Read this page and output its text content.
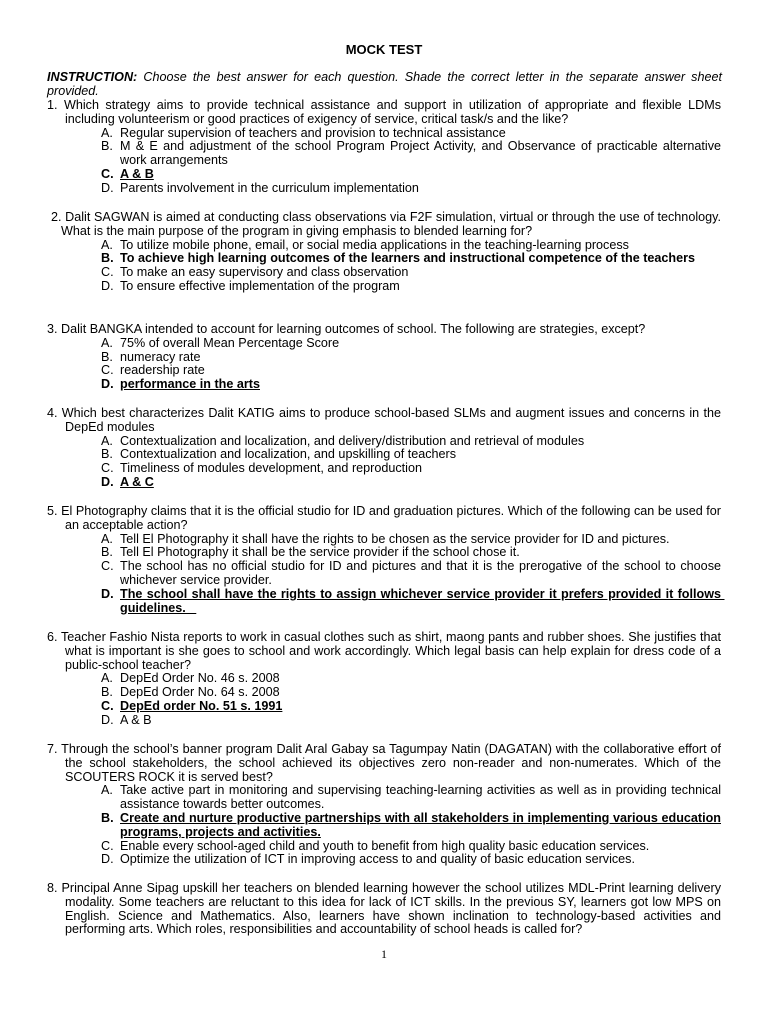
MOCK TEST
INSTRUCTION: Choose the best answer for each question. Shade the correct letter in the separate answer sheet provided.
1. Which strategy aims to provide technical assistance and support in utilization of appropriate and flexible LDMs including volunteerism or good practices of exigency of service, critical task/s and the like?
A. Regular supervision of teachers and provision to technical assistance
B. M & E and adjustment of the school Program Project Activity, and Observance of practicable alternative work arrangements
C. A & B
D. Parents involvement in the curriculum implementation
2. Dalit SAGWAN is aimed at conducting class observations via F2F simulation, virtual or through the use of technology. What is the main purpose of the program in giving emphasis to blended learning for?
A. To utilize mobile phone, email, or social media applications in the teaching-learning process
B. To achieve high learning outcomes of the learners and instructional competence of the teachers
C. To make an easy supervisory and class observation
D. To ensure effective implementation of the program
3. Dalit BANGKA intended to account for learning outcomes of school. The following are strategies, except?
A. 75% of overall Mean Percentage Score
B. numeracy rate
C. readership rate
D. performance in the arts
4. Which best characterizes Dalit KATIG aims to produce school-based SLMs and augment issues and concerns in the DepEd modules
A. Contextualization and localization, and delivery/distribution and retrieval of modules
B. Contextualization and localization, and upskilling of teachers
C. Timeliness of modules development, and reproduction
D. A & C
5. El Photography claims that it is the official studio for ID and graduation pictures. Which of the following can be used for an acceptable action?
A. Tell El Photography it shall have the rights to be chosen as the service provider for ID and pictures.
B. Tell El Photography it shall be the service provider if the school chose it.
C. The school has no official studio for ID and pictures and that it is the prerogative of the school to choose whichever service provider.
D. The school shall have the rights to assign whichever service provider it prefers provided it follows guidelines.
6. Teacher Fashio Nista reports to work in casual clothes such as shirt, maong pants and rubber shoes. She justifies that what is important is she goes to school and work accordingly. Which legal basis can help explain for dress code of a public-school teacher?
A. DepEd Order No. 46 s. 2008
B. DepEd Order No. 64 s. 2008
C. DepEd order No. 51 s. 1991
D. A & B
7. Through the school’s banner program Dalit Aral Gabay sa Tagumpay Natin (DAGATAN) with the collaborative effort of the school stakeholders, the school achieved its objectives zero non-reader and non-numerates. Which of the SCOUTERS ROCK it is served best?
A. Take active part in monitoring and supervising teaching-learning activities as well as in providing technical assistance towards better outcomes.
B. Create and nurture productive partnerships with all stakeholders in implementing various education programs, projects and activities.
C. Enable every school-aged child and youth to benefit from high quality basic education services.
D. Optimize the utilization of ICT in improving access to and quality of basic education services.
8. Principal Anne Sipag upskill her teachers on blended learning however the school utilizes MDL-Print learning delivery modality. Some teachers are reluctant to this idea for lack of ICT skills. In the previous SY, learners got low MPS on English. Science and Mathematics. Also, learners have shown inclination to technology-based activities and performing arts. Which roles, responsibilities and accountability of school heads is called for?
1
